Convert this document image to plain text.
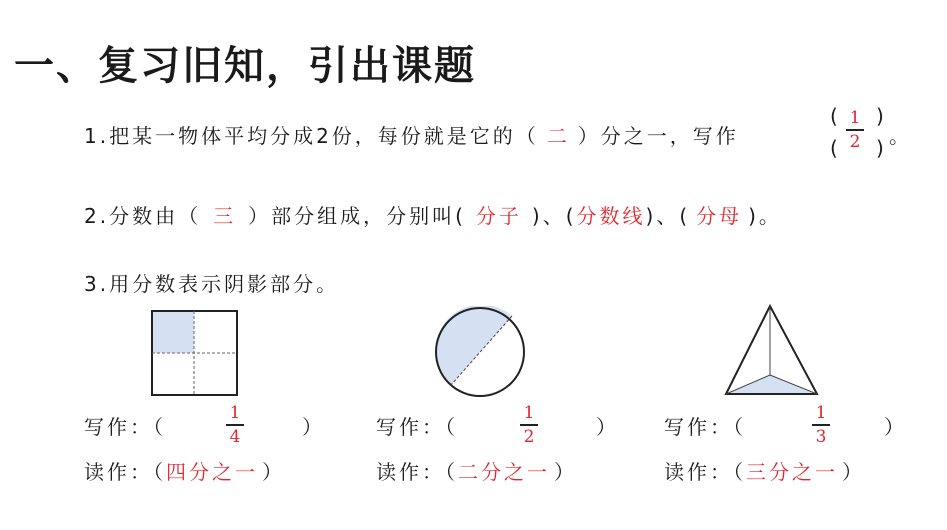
一、复习旧知，引出课题
1.把某一物体平均分成2份，每份就是它的（ 二 ）分之一，写作
( )
( )
1
2 。
2.分数由（ 三 ）部分组成，分别叫( 分子 )、(分数线)、( 分母 )。
3.用分数表示阴影部分。
写作：（
1
4	）
读作：（四分之一 ）
写作：（
1
2	）
读作：（二分之一 ）
写作：（
1
3	）
读作：（三分之一 ）
